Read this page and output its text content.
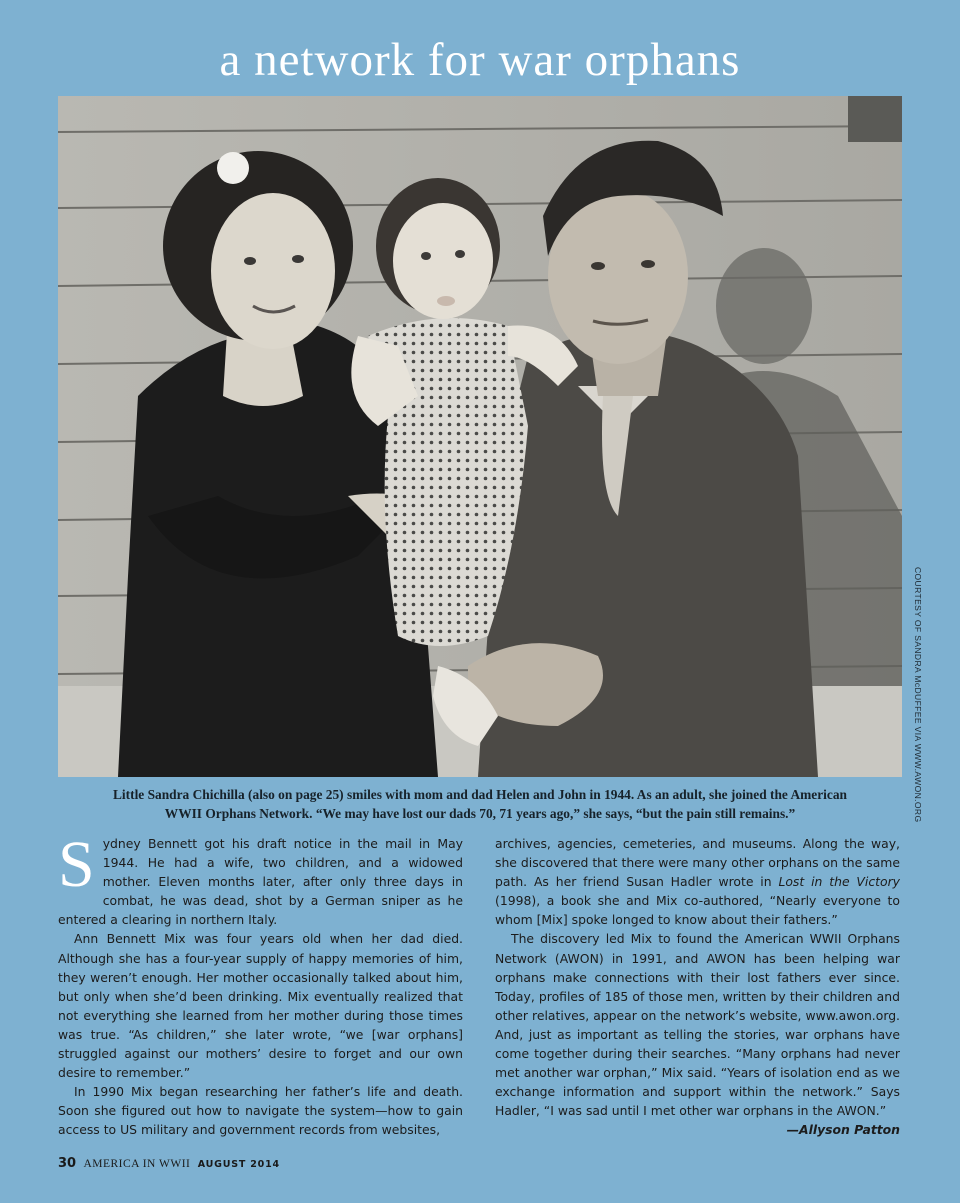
a network for war orphans
COURTESY OF SANDRA McDUFFEE VIA WWW.AWON.ORG
Little Sandra Chichilla (also on page 25) smiles with mom and dad Helen and John in 1944. As an adult, she joined the American
WWII Orphans Network. “We may have lost our dads 70, 71 years ago,” she says, “but the pain still remains.”

Sydney Bennett got his draft notice in the mail in May 1944. He had a wife, two children, and a widowed mother. Eleven months later, after only three days in combat, he was dead, shot by a German sniper as he entered a clearing in northern Italy.

Ann Bennett Mix was four years old when her dad died. Although she has a four-year supply of happy memories of him, they weren’t enough. Her mother occasionally talked about him, but only when she’d been drinking. Mix eventually realized that not everything she learned from her mother during those times was true. “As children,” she later wrote, “we [war orphans] struggled against our mothers’ desire to forget and our own desire to remember.”

In 1990 Mix began researching her father’s life and death. Soon she figured out how to navigate the system—how to gain access to US military and government records from websites,

archives, agencies, cemeteries, and museums. Along the way, she discovered that there were many other orphans on the same path. As her friend Susan Hadler wrote in Lost in the Victory (1998), a book she and Mix co-authored, “Nearly everyone to whom [Mix] spoke longed to know about their fathers.”

The discovery led Mix to found the American WWII Orphans Network (AWON) in 1991, and AWON has been helping war orphans make connections with their lost fathers ever since. Today, profiles of 185 of those men, written by their children and other relatives, appear on the network’s website, www.awon.org. And, just as important as telling the stories, war orphans have come together during their searches. “Many orphans had never met another war orphan,” Mix said. “Years of isolation end as we exchange information and support within the network.” Says Hadler, “I was sad until I met other war orphans in the AWON.”

—Allyson Patton

30 AMERICA IN WWII AUGUST 2014
